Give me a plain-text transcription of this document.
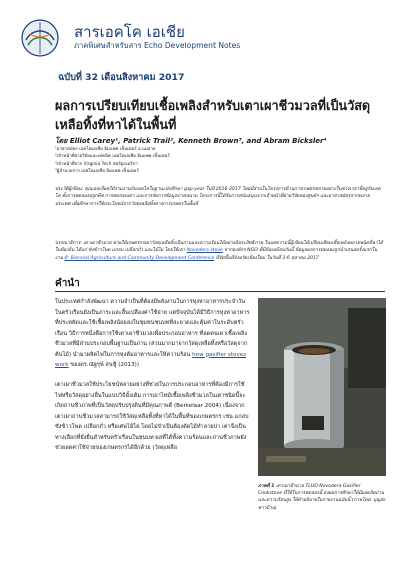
สารเอคโค เอเชีย
ภาคพิเศษสำหรับสาร Echo Development Notes
ฉบับที่ 32 เดือนสิงหาคม 2017
ผลการเปรียบเทียบเชื้อเพลิงสำหรับเตาเผาชีวมวลที่เป็นวัสดุเหลือทิ้งที่หาได้ในพื้นที่
โดย Elliot Carey¹, Patrick Trail², Kenneth Brown³, and Abram Bicksler⁴
¹อาสาสมัคร เอคโคเอเชีย อิมแพค เซ็นเตอร์ อ.แม่อาย
²เจ้าหน้าที่ฝ่ายวิจัยและเทคนิค เอคโคเอเชีย อิมแพค เซ็นเตอร์
³เจ้าหน้าที่จาก Virginia Tech สหรัฐอเมริกา
⁴ผู้อำนวยการ เอคโคเอเชีย อิมแพค เซ็นเตอร์
ประวัติผู้เขียน: คุณเอลเลียตได้ร่วมงานกับเอคโคในฐานะนักศึกษา gap-year ในปี 2016-2017 โดยมีส่วนในโครงการด้านการเกษตรหลายอย่างในช่วงเวลาที่อยู่กับเอคโค ทั้งการทดลองปลูกพืช การทดสอบเตา และการจัดการข้อมูลภาคสนาม โครงการนี้ได้รับการสนับสนุนจากเจ้าหน้าที่ฝ่ายวิจัยของศูนย์ฯ และอาสาสมัครจากหลายประเทศ เพื่อศึกษาการใช้ประโยชน์จากวัสดุเหลือทิ้งทางการเกษตรในพื้นที่
บรรณาธิการ: เตาเผาชีวมวล ช่วยให้เกษตรกรเผาวัสดุเหลือทิ้งเป็นถ่านและความร้อนได้อย่างมีประสิทธิภาพ ในบทความนี้ผู้เขียนได้เปรียบเทียบเชื้อเพลิงหลายชนิดที่หาได้ในท้องถิ่น ได้แก่ ซังข้าวโพด แกลบ เปลือกถั่ว และไม้ไผ่ โดยใช้เตา Novodera stove จากองค์กร NGO ที่มีข้อเหมือนกันนี้ ข้อมูลผลการทดลองถูกนำเสนอครั้งแรกในงาน 6ʰ Biennial Agriculture and Community Development Conference ที่จัดขึ้นที่จังหวัดเชียงใหม่ ในวันที่ 3-6 ตุลาคม 2017
คำนำ
ในประเทศกำลังพัฒนา ความจำเป็นที่ต้องมีพลังงานในการหุงหาอาหารประจำวันในครัวเรือนยังเป็นภาระและสิ้นเปลืองค่าใช้จ่าย แต่ปัจจุบันได้มีวิธีการหุงหาอาหารที่ประหยัดและใช้เชื้อเพลิงน้อยลงในชุมชนชนบทที่สะอาดและคุ้มค่าในระดับครัวเรือน วิธีการหนึ่งคือการใช้เตาเผาชีวมวลเพื่อประกอบอาหาร ที่ลดคนเผาเชื้อเพลิงชีวมวลที่มีส่วนประกอบพื้นฐานเป็นถ่าน (ส่วนมากมาจากวัสดุเหลือทิ้งหรือวัสดุจากต้นไม้) นำมาผลิตไฟในการหุงต้มอาหารและให้ความร้อน how gasifier stoves work ของดร.ณัฐรุพ์ สนชู้ (2013))
เตาเผาชีวมวลใช้ประโยชน์หลายอย่างที่ช่วยในการประกอบอาหารที่ต้องมีการใช้ไฟหรือวัสดุอย่างอื่นในแบบวิธีดั้งเดิม การเผาไหม้เชื้อเพลิงชีวมวลในเตาชนิดนี้จะเกิดถ่านชีวภาพที่เป็นวัสดุปรับปรุงดินที่มีคุณภาพดี (Berkelaar 2004) เนื่องจากเตาเผาถ่านชีวมวลสามารถใช้วัสดุเหลือทิ้งที่หาได้ในพื้นที่ของเกษตรกร เช่น แกลบ ซังข้าวโพด เปลือกถั่ว หรือเศษไม้ไผ่ โดยไม่จำเป็นต้องตัดไม้ทำลายป่า เตาจึงเป็นทางเลือกที่ยั่งยืนสำหรับครัวเรือนในชนบท ผลที่ได้ทั้งความร้อนและถ่านชีวภาพยังช่วยลดค่าใช้จ่ายของเกษตรกรได้อีกด้วย (วัสดุเหลือ
ภาพที่ 1 เตาเผาชีวมวล TLUD Novodera Gasifier Cookstove ที่ใช้ในการทดลองนี้ ส่งผลการศึกษาให้มีผลผลิตถ่านและความร้อนสูง ให้คำอธิบายในรายงานฉบับนี้ (ภาพโดย: บุญส่ง ชาวบ้าน)
